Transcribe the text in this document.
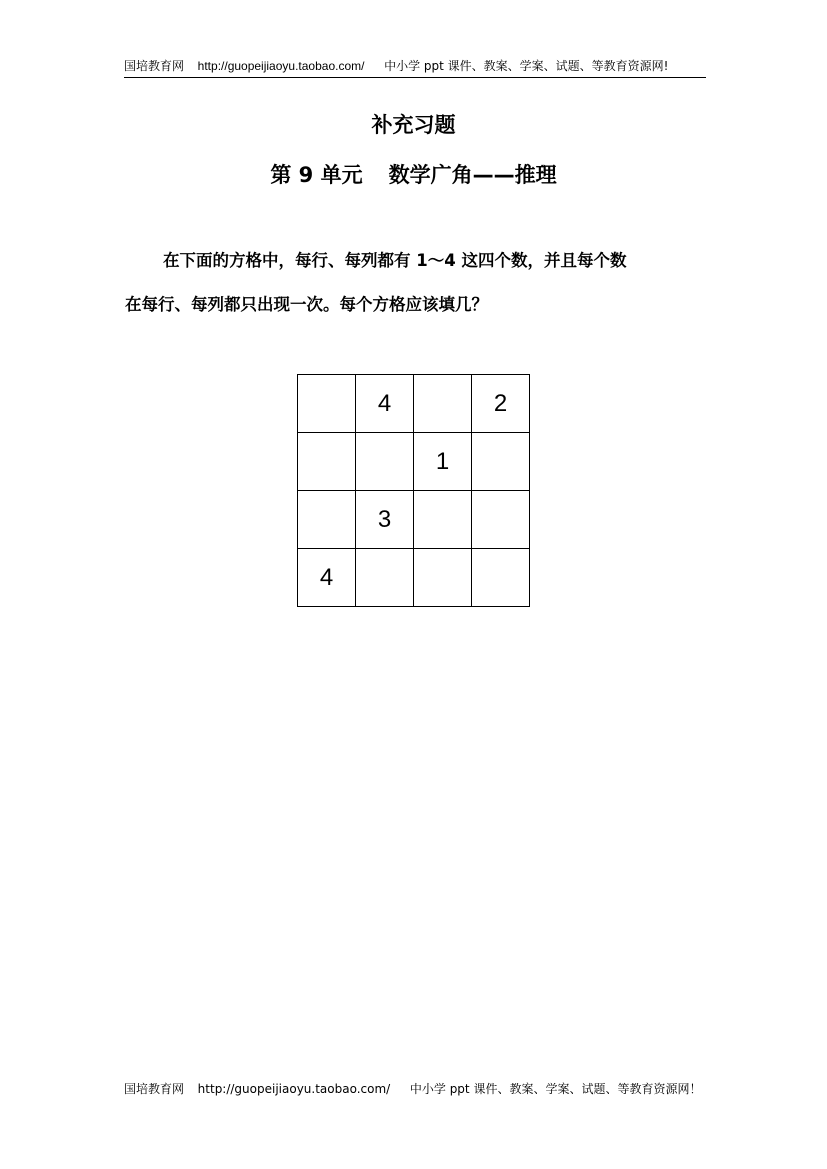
国培教育网 http://guopeijiaoyu.taobao.com/ 中小学 ppt 课件、教案、学案、试题、等教育资源网!
补充习题
第 9 单元 数学广角——推理
在下面的方格中，每行、每列都有 1～4 这四个数，并且每个数
在每行、每列都只出现一次。每个方格应该填几？
	4		2
		1	
	3		
4			
国培教育网 http://guopeijiaoyu.taobao.com/ 中小学 ppt 课件、教案、学案、试题、等教育资源网！
